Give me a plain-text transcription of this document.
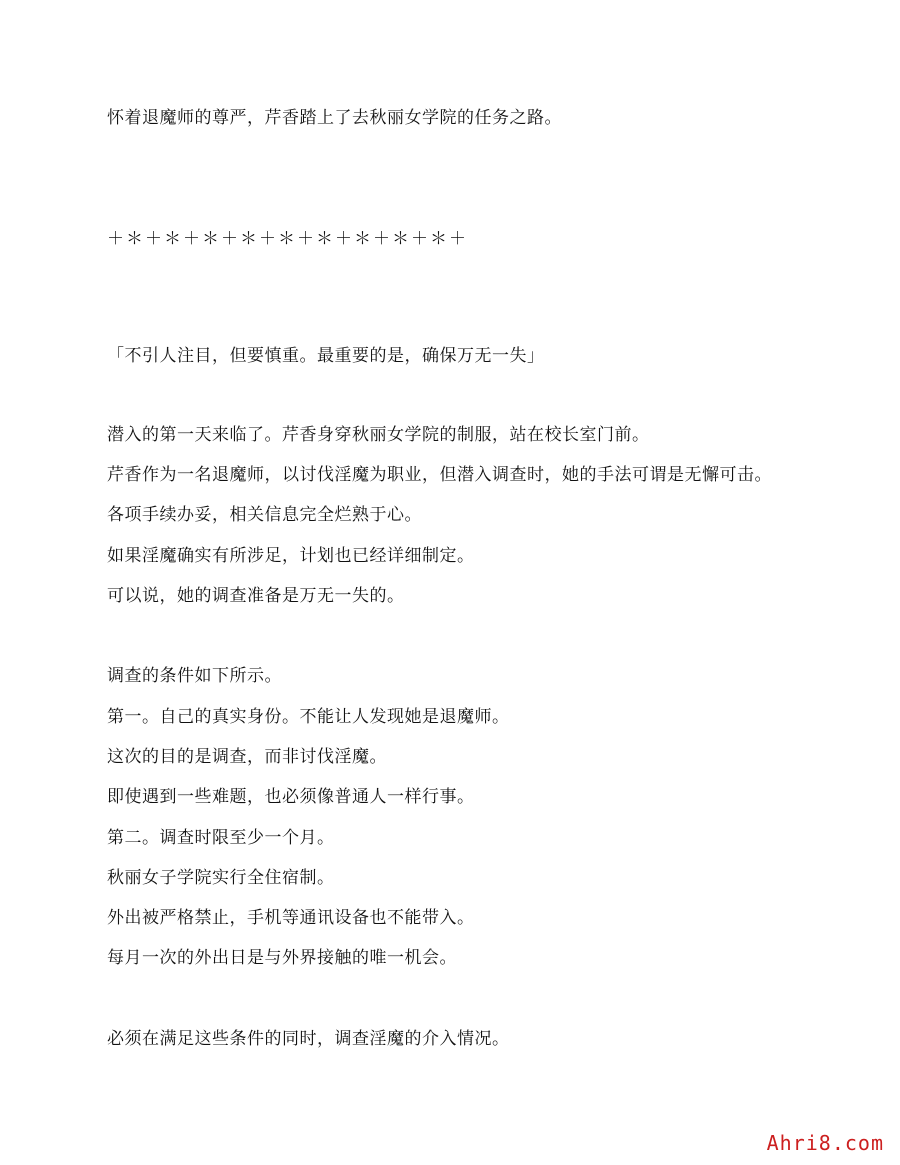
怀着退魔师的尊严，芹香踏上了去秋丽女学院的任务之路。
＋＊＋＊＋＊＋＊＋＊＋＊＋＊＋＊＋＊＋
「不引人注目，但要慎重。最重要的是，确保万无一失」
潜入的第一天来临了。芹香身穿秋丽女学院的制服，站在校长室门前。
芹香作为一名退魔师，以讨伐淫魔为职业，但潜入调查时，她的手法可谓是无懈可击。
各项手续办妥，相关信息完全烂熟于心。
如果淫魔确实有所涉足，计划也已经详细制定。
可以说，她的调查准备是万无一失的。
调查的条件如下所示。
第一。自己的真实身份。不能让人发现她是退魔师。
这次的目的是调查，而非讨伐淫魔。
即使遇到一些难题，也必须像普通人一样行事。
第二。调查时限至少一个月。
秋丽女子学院实行全住宿制。
外出被严格禁止，手机等通讯设备也不能带入。
每月一次的外出日是与外界接触的唯一机会。
必须在满足这些条件的同时，调查淫魔的介入情况。
Ahri8.com
